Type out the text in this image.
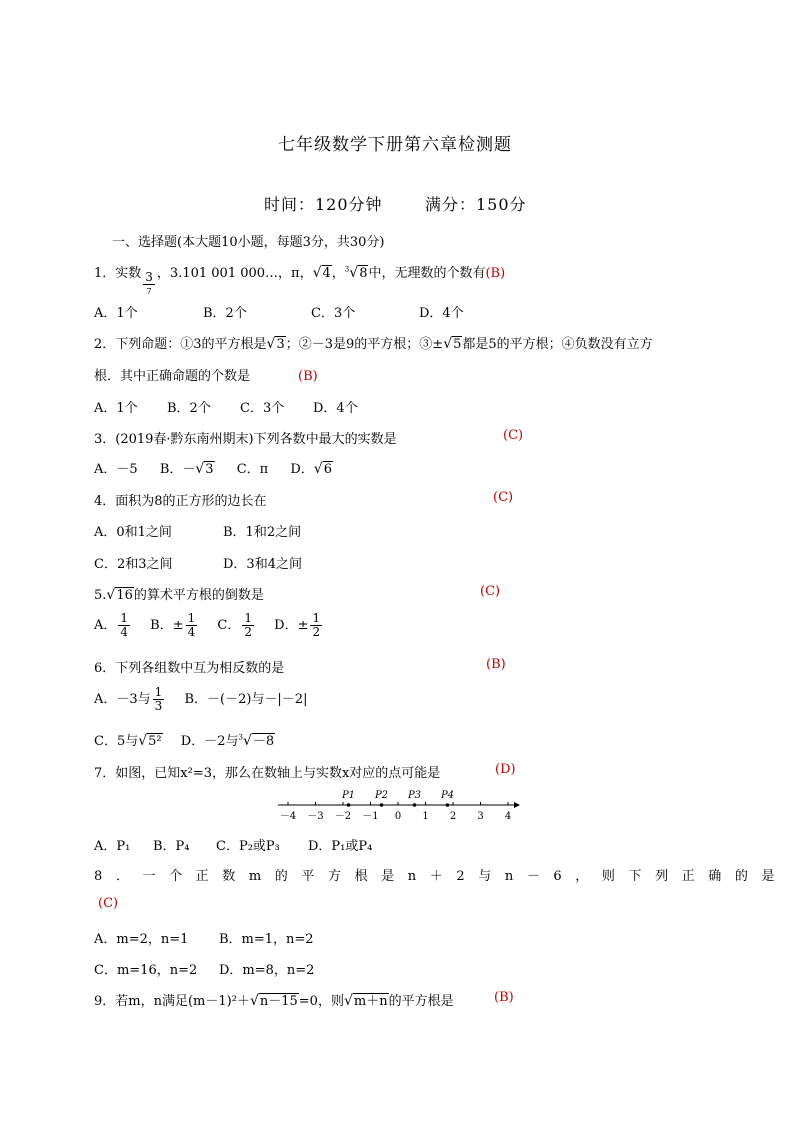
七年级数学下册第六章检测题
时间：120分钟	满分：150分
一、选择题(本大题10小题，每题3分，共30分)
1．实数 $\frac{3}{7}$ ，3.101 001 000…，π，√4，$^3$√8中，无理数的个数有(B)
A．1个	B．2个	C．3个	D．4个
2．下列命题：①3的平方根是√3；②－3是9的平方根；③±√5都是5的平方根；④负数没有立方
根．其中正确命题的个数是	(B)
A．1个 B．2个 C．3个 D．4个
3．(2019春·黔东南州期末)下列各数中最大的实数是	(C)
A．－5 B．－√3 C．π D．√6
4．面积为8的正方形的边长在	(C)
A．0和1之间	B．1和2之间
C．2和3之间	D．3和4之间
5.√16的算术平方根的倒数是	(C)
A． $\frac{1}{4}$ B．± $\frac{1}{4}$ C． $\frac{1}{2}$ D．± $\frac{1}{2}$
6．下列各组数中互为相反数的是	(B)
A．－3与 $\frac{1}{3}$ B．－(－2)与－|－2|
C．5与√5² D．－2与$^3$√－8
7．如图，已知x²=3，那么在数轴上与实数x对应的点可能是	(D)
－4 －3 －2 －1 0 1 2 3 4
P1 P2 P3 P4
A．P₁ B．P₄ C．P₂或P₃ D．P₁或P₄
8．一个正数m的平方根是n＋2与n－6，则下列正确的是
(C)
A．m=2，n=1 B．m=1，n=2
C．m=16，n=2 D．m=8，n=2
9．若m，n满足(m－1)²＋√n－15=0，则√m＋n的平方根是	(B)
